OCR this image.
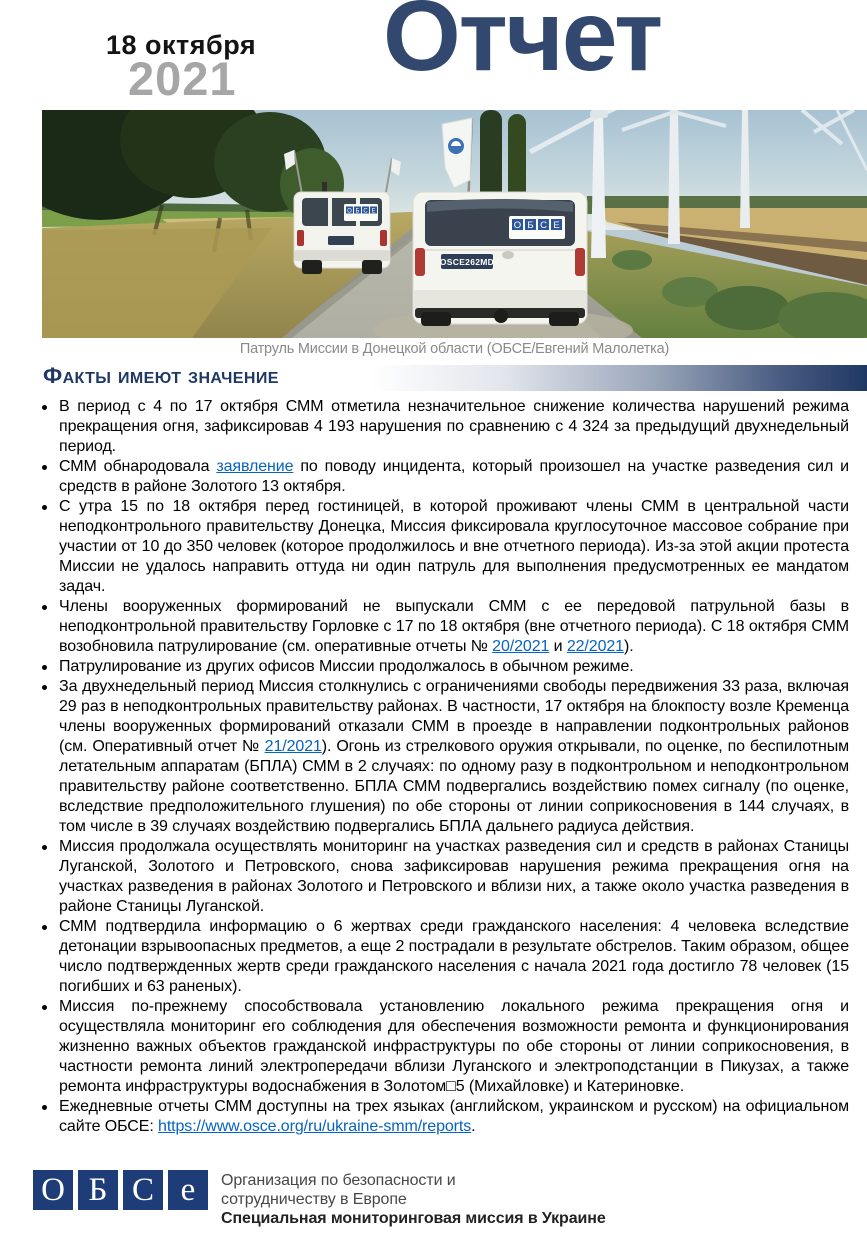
18 октября
2021 Отчет
О Б С Е
О Б С Е
OSCE262MD
Патруль Миссии в Донецкой области (ОБСЕ/Евгений Малолетка)
Факты имеют значение
В период с 4 по 17 октября СММ отметила незначительное снижение количества нарушений режима прекращения огня, зафиксировав 4 193 нарушения по сравнению с 4 324 за предыдущий двухнедельный период.
СММ обнародовала заявление по поводу инцидента, который произошел на участке разведения сил и средств в районе Золотого 13 октября.
С утра 15 по 18 октября перед гостиницей, в которой проживают члены СММ в центральной части неподконтрольного правительству Донецка, Миссия фиксировала круглосуточное массовое собрание при участии от 10 до 350 человек (которое продолжилось и вне отчетного периода). Из-за этой акции протеста Миссии не удалось направить оттуда ни один патруль для выполнения предусмотренных ее мандатом задач.
Члены вооруженных формирований не выпускали СММ с ее передовой патрульной базы в неподконтрольной правительству Горловке с 17 по 18 октября (вне отчетного периода). С 18 октября СММ возобновила патрулирование (см. оперативные отчеты № 20/2021 и 22/2021).
Патрулирование из других офисов Миссии продолжалось в обычном режиме.
За двухнедельный период Миссия столкнулись с ограничениями свободы передвижения 33 раза, включая 29 раз в неподконтрольных правительству районах. В частности, 17 октября на блокпосту возле Кременца члены вооруженных формирований отказали СММ в проезде в направлении подконтрольных районов (см. Оперативный отчет № 21/2021). Огонь из стрелкового оружия открывали, по оценке, по беспилотным летательным аппаратам (БПЛА) СММ в 2 случаях: по одному разу в подконтрольном и неподконтрольном правительству районе соответственно. БПЛА СММ подвергались воздействию помех сигналу (по оценке, вследствие предположительного глушения) по обе стороны от линии соприкосновения в 144 случаях, в том числе в 39 случаях воздействию подвергались БПЛА дальнего радиуса действия.
Миссия продолжала осуществлять мониторинг на участках разведения сил и средств в районах Станицы Луганской, Золотого и Петровского, снова зафиксировав нарушения режима прекращения огня на участках разведения в районах Золотого и Петровского и вблизи них, а также около участка разведения в районе Станицы Луганской.
СММ подтвердила информацию о 6 жертвах среди гражданского населения: 4 человека вследствие детонации взрывоопасных предметов, а еще 2 пострадали в результате обстрелов. Таким образом, общее число подтвержденных жертв среди гражданского населения с начала 2021 года достигло 78 человек (15 погибших и 63 раненых).
Миссия по-прежнему способствовала установлению локального режима прекращения огня и осуществляла мониторинг его соблюдения для обеспечения возможности ремонта и функционирования жизненно важных объектов гражданской инфраструктуры по обе стороны от линии соприкосновения, в частности ремонта линий электропередачи вблизи Луганского и электроподстанции в Пикузах, а также ремонта инфраструктуры водоснабжения в Золотом□5 (Михайловке) и Катериновке.
Ежедневные отчеты СММ доступны на трех языках (английском, украинском и русском) на официальном сайте ОБСЕ: https://www.osce.org/ru/ukraine-smm/reports.
О Б С е Организация по безопасности и
сотрудничеству в Европе
Специальная мониторинговая миссия в Украине
